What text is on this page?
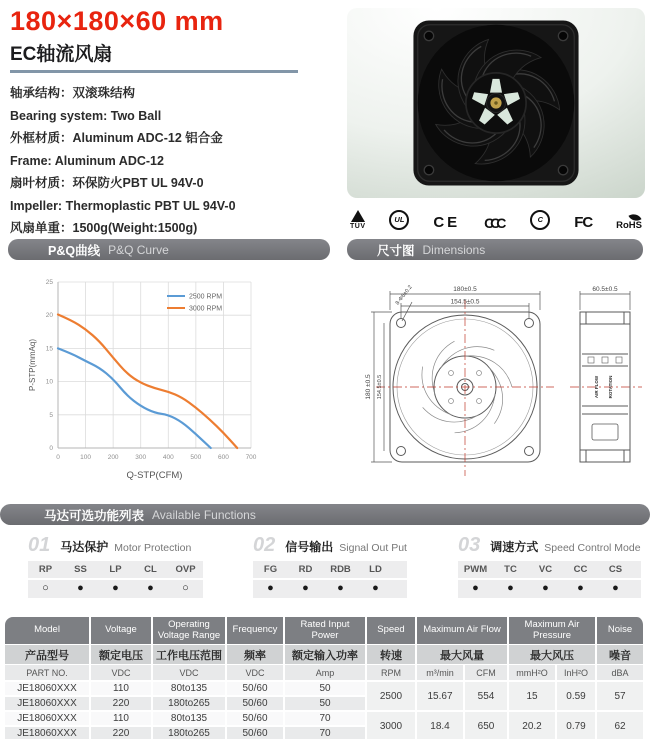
180×180×60 mm
EC轴流风扇
轴承结构：双滚珠结构
Bearing system: Two Ball
外框材质：Aluminum ADC-12 铝合金
Frame: Aluminum ADC-12
扇叶材质：环保防火PBT UL 94V-0
Impeller: Thermoplastic PBT UL 94V-0
风扇单重：1500g(Weight:1500g)	TÜV
UL CE CCC	C FC	RoHS
P&Q曲线 P&Q Curve	尺寸图 Dimensions
0	100	200	300	400	500	600	700
0
5
10
15
20
25
P-STP(mmAq)
Q-STP(CFM)
2500 RPM
3000 RPM
180±0.5
154.5±0.5
60.5±0.5
180 ±0.5 154.5±0.5
8-Φ6±0.2
AIR FLOW ROTATION
马达可选功能列表 Available Functions
01 马达保护 Motor Protection
RP	SS	LP	CL	OVP
○	●	●	●	○
02 信号输出 Signal Out Put
FG	RD	RDB	LD
●	●	●	●
03 调速方式 Speed Control Mode
PWM	TC	VC	CC	CS
●	●	●	●	●
Model	Voltage	Operating Voltage Range	Frequency	Rated Input Power	Speed	Maximum Air Flow		Maximum Air Pressure		Noise
产品型号	额定电压	工作电压范围	频率	额定输入功率	转速	最大风量		最大风压		噪音
PART NO.	VDC	VDC	VDC	Amp	RPM	m³/min	CFM	mmH²O	InH²O	dBA
JE18060XXX	110	80to135	50/60	50	2500	15.67	554	15	0.59	57
JE18060XXX	220	180to265	50/60	50						
JE18060XXX	110	80to135	50/60	70	3000	18.4	650	20.2	0.79	62
JE18060XXX	220	180to265	50/60	70						
